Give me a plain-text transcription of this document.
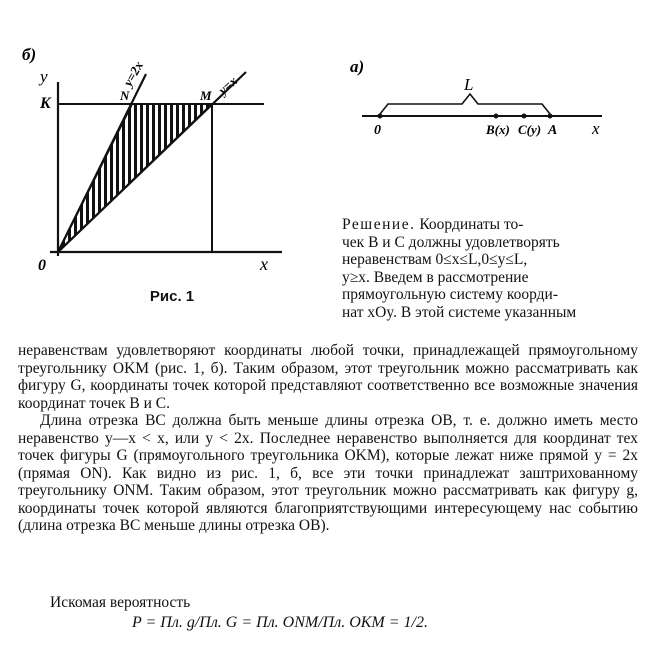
б)
y
x
0
K	N
y=2x
M y=x
Рис. 1
а)
L
0	B(x) C(y) A x
Решение. Координаты то-
чек B и C должны удовлетворять
неравенствам 0≤x≤L,0≤y≤L,
y≥x. Введем в рассмотрение
прямоугольную систему коорди-
нат xOy. В этой системе указанным

неравенствам удовлетворяют координаты любой точки, принадлежащей прямоугольному треугольнику OKM (рис. 1, б). Таким образом, этот треугольник можно рассматривать как фигуру G, координаты точек которой представляют соответственно все возможные значения координат точек B и C.

Длина отрезка BC должна быть меньше длины отрезка OB, т. е. должно иметь место неравенство y—x < x, или y < 2x. Последнее неравенство выполняется для координат тех точек фигуры G (прямоугольного треугольника OKM), которые лежат ниже прямой y = 2x (прямая ON). Как видно из рис. 1, б, все эти точки принадлежат заштрихованному треугольнику ONM. Таким образом, этот треугольник можно рассматривать как фигуру g, координаты точек которой являются благоприятствующими интересующему нас событию (длина отрезка BC меньше длины отрезка OB).

Искомая вероятность
P = Пл. g/Пл. G = Пл. ONM/Пл. OKM = 1/2.
